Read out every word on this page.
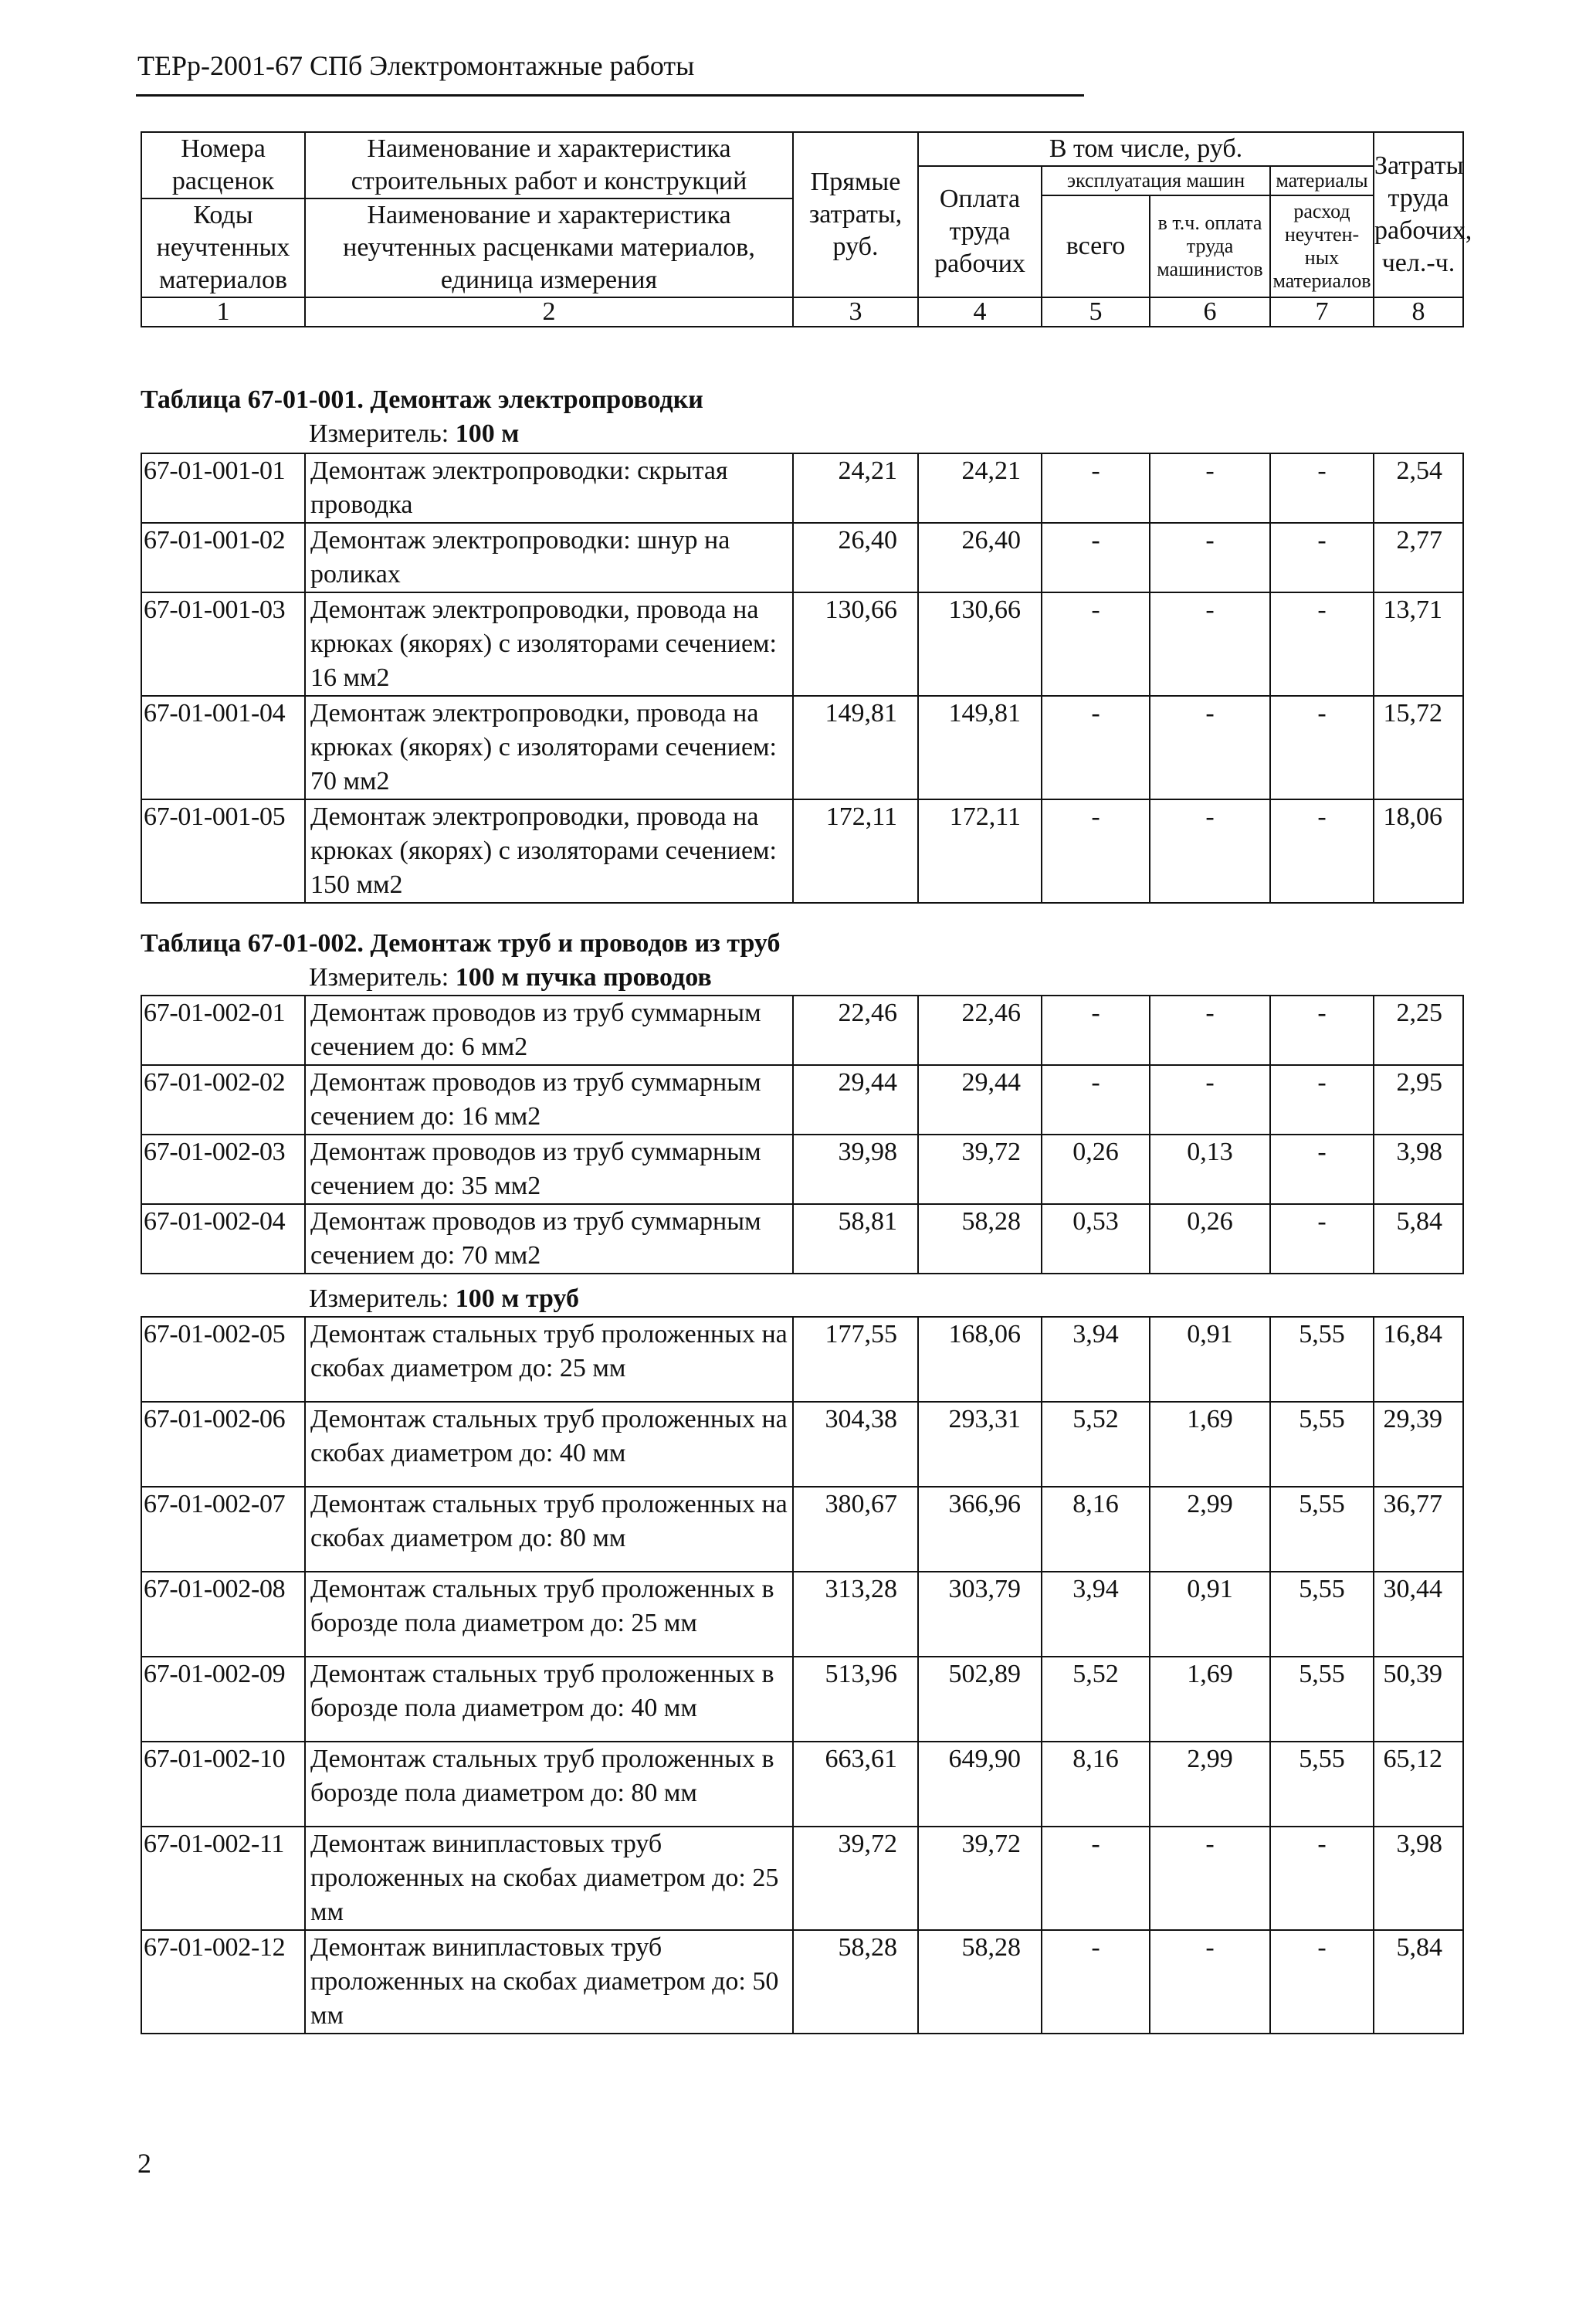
ТЕРр-2001-67 СПб Электромонтажные работы
Номера расценок	Наименование и характеристика строительных работ и конструкций	Прямые затраты, руб.	В том числе, руб.				Затраты труда рабочих, чел.-ч.
			Оплата труда рабочих	эксплуатация машин		материалы	
				всего	в т.ч. оплата труда машинистов	расход неучтен-ных материалов	
Коды неучтенных материалов	Наименование и характеристика неучтенных расценками материалов, единица измерения						

1	2	3	4	5	6	7	8
Таблица 67-01-001. Демонтаж электропроводки
Измеритель: 100 м
67-01-001-01	Демонтаж электропроводки: скрытая проводка	24,21	24,21	-	-	-	2,54
67-01-001-02	Демонтаж электропроводки: шнур на роликах	26,40	26,40	-	-	-	2,77
67-01-001-03	Демонтаж электропроводки, провода на крюках (якорях) с изоляторами сечением: 16 мм2	130,66	130,66	-	-	-	13,71
67-01-001-04	Демонтаж электропроводки, провода на крюках (якорях) с изоляторами сечением: 70 мм2	149,81	149,81	-	-	-	15,72
67-01-001-05	Демонтаж электропроводки, провода на крюках (якорях) с изоляторами сечением: 150 мм2	172,11	172,11	-	-	-	18,06
Таблица 67-01-002. Демонтаж труб и проводов из труб
Измеритель: 100 м пучка проводов
67-01-002-01	Демонтаж проводов из труб суммарным сечением до: 6 мм2	22,46	22,46	-	-	-	2,25
67-01-002-02	Демонтаж проводов из труб суммарным сечением до: 16 мм2	29,44	29,44	-	-	-	2,95
67-01-002-03	Демонтаж проводов из труб суммарным сечением до: 35 мм2	39,98	39,72	0,26	0,13	-	3,98
67-01-002-04	Демонтаж проводов из труб суммарным сечением до: 70 мм2	58,81	58,28	0,53	0,26	-	5,84
Измеритель: 100 м труб
67-01-002-05	Демонтаж стальных труб проложенных на скобах диаметром до: 25 мм	177,55	168,06	3,94	0,91	5,55	16,84
67-01-002-06	Демонтаж стальных труб проложенных на скобах диаметром до: 40 мм	304,38	293,31	5,52	1,69	5,55	29,39
67-01-002-07	Демонтаж стальных труб проложенных на скобах диаметром до: 80 мм	380,67	366,96	8,16	2,99	5,55	36,77
67-01-002-08	Демонтаж стальных труб проложенных в борозде пола диаметром до: 25 мм	313,28	303,79	3,94	0,91	5,55	30,44
67-01-002-09	Демонтаж стальных труб проложенных в борозде пола диаметром до: 40 мм	513,96	502,89	5,52	1,69	5,55	50,39
67-01-002-10	Демонтаж стальных труб проложенных в борозде пола диаметром до: 80 мм	663,61	649,90	8,16	2,99	5,55	65,12
67-01-002-11	Демонтаж винипластовых труб проложенных на скобах диаметром до: 25 мм	39,72	39,72	-	-	-	3,98
67-01-002-12	Демонтаж винипластовых труб проложенных на скобах диаметром до: 50 мм	58,28	58,28	-	-	-	5,84
2
